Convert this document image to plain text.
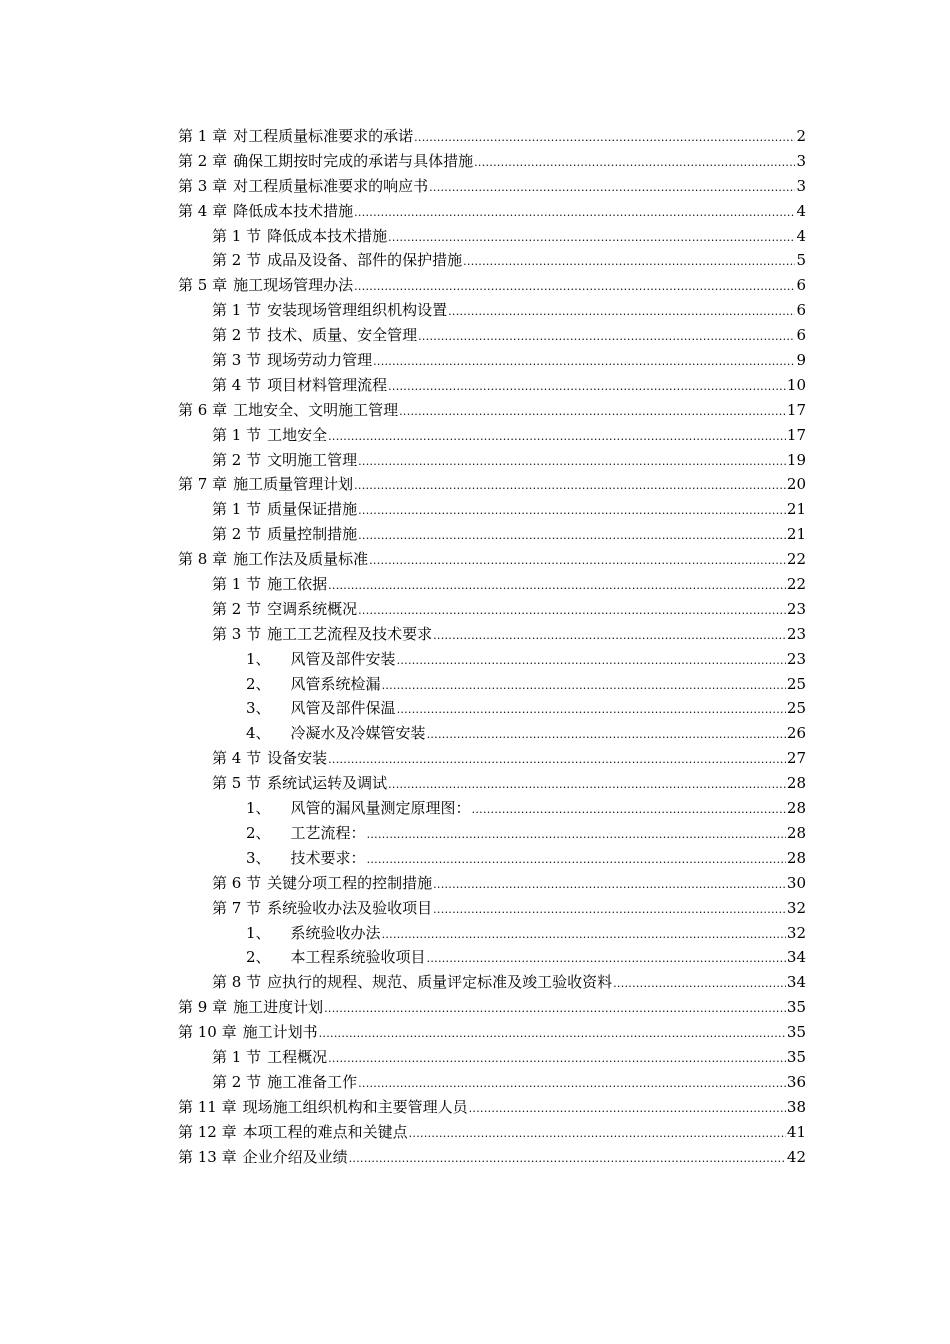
第 1 章 对工程质量标准要求的承诺 .....	2
第 2 章 确保工期按时完成的承诺与具体措施 .....	3
第 3 章 对工程质量标准要求的响应书 .....	3
第 4 章 降低成本技术措施 .....	4
第 1 节 降低成本技术措施 .....	4
第 2 节 成品及设备、部件的保护措施 .....	5
第 5 章 施工现场管理办法 .....	6
第 1 节 安装现场管理组织机构设置 .....	6
第 2 节 技术、质量、安全管理 .....	6
第 3 节 现场劳动力管理 .....	9
第 4 节 项目材料管理流程 .....	10
第 6 章 工地安全、文明施工管理 .....	17
第 1 节 工地安全 .....	17
第 2 节 文明施工管理 .....	19
第 7 章 施工质量管理计划 .....	20
第 1 节 质量保证措施 .....	21
第 2 节 质量控制措施 .....	21
第 8 章 施工作法及质量标准 .....	22
第 1 节 施工依据 .....	22
第 2 节 空调系统概况 .....	23
第 3 节 施工工艺流程及技术要求 .....	23
1、 风管及部件安装 .....	23
2、 风管系统检漏 .....	25
3、 风管及部件保温 .....	25
4、 冷凝水及冷媒管安装 .....	26
第 4 节 设备安装 .....	27
第 5 节 系统试运转及调试 .....	28
1、 风管的漏风量测定原理图： .....	28
2、 工艺流程： .....	28
3、 技术要求： .....	28
第 6 节 关键分项工程的控制措施 .....	30
第 7 节 系统验收办法及验收项目 .....	32
1、 系统验收办法 .....	32
2、 本工程系统验收项目 .....	34
第 8 节 应执行的规程、规范、质量评定标准及竣工验收资料 .....	34
第 9 章 施工进度计划 .....	35
第 10 章 施工计划书 .....	35
第 1 节 工程概况 .....	35
第 2 节 施工准备工作 .....	36
第 11 章 现场施工组织机构和主要管理人员 .....	38
第 12 章 本项工程的难点和关键点 .....	41
第 13 章 企业介绍及业绩 .....	42
